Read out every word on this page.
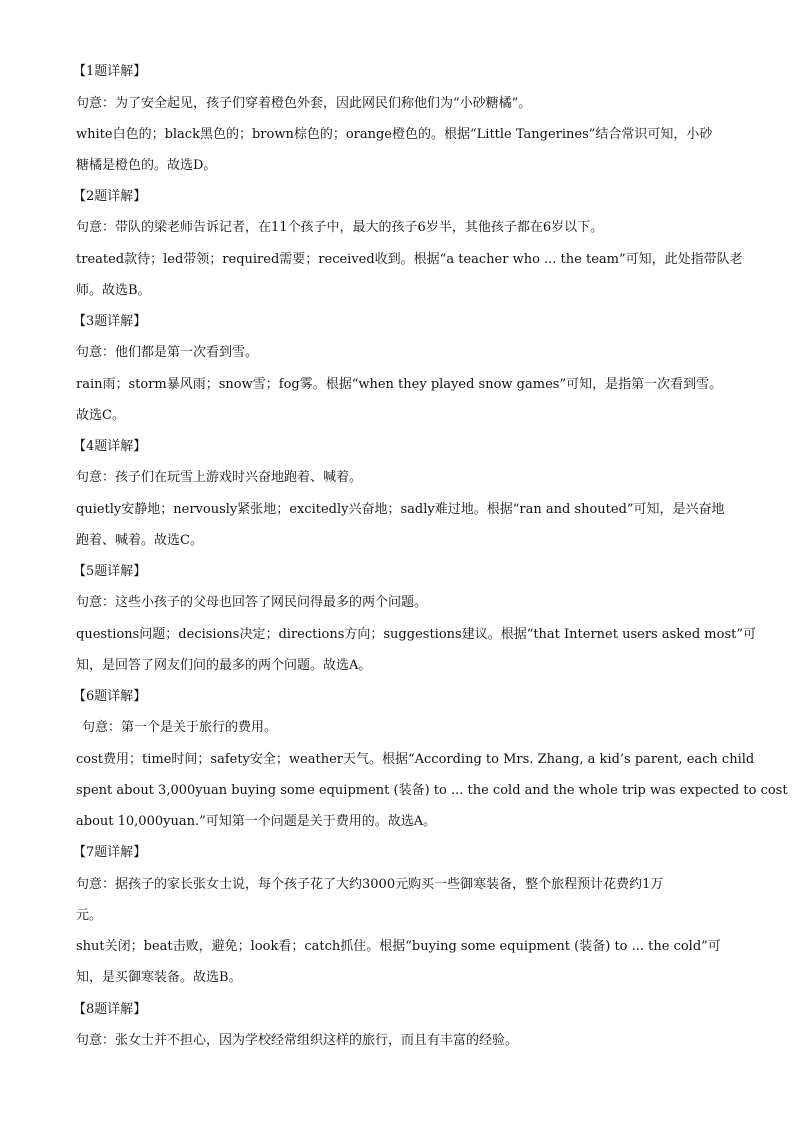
【1题详解】
句意：为了安全起见，孩子们穿着橙色外套，因此网民们称他们为“小砂糖橘”。
white白色的；black黑色的；brown棕色的；orange橙色的。根据“Little Tangerines”结合常识可知，小砂
糖橘是橙色的。故选D。
【2题详解】
句意：带队的梁老师告诉记者，在11个孩子中，最大的孩子6岁半，其他孩子都在6岁以下。
treated款待；led带领；required需要；received收到。根据“a teacher who ... the team”可知，此处指带队老
师。故选B。
【3题详解】
句意：他们都是第一次看到雪。
rain雨；storm暴风雨；snow雪；fog雾。根据“when they played snow games”可知，是指第一次看到雪。
故选C。
【4题详解】
句意：孩子们在玩雪上游戏时兴奋地跑着、喊着。
quietly安静地；nervously紧张地；excitedly兴奋地；sadly难过地。根据“ran and shouted”可知，是兴奋地
跑着、喊着。故选C。
【5题详解】
句意：这些小孩子的父母也回答了网民问得最多的两个问题。
questions问题；decisions决定；directions方向；suggestions建议。根据“that Internet users asked most”可
知，是回答了网友们问的最多的两个问题。故选A。
【6题详解】
句意：第一个是关于旅行的费用。
cost费用；time时间；safety安全；weather天气。根据“According to Mrs. Zhang, a kid’s parent, each child
spent about 3,000yuan buying some equipment (装备) to ... the cold and the whole trip was expected to cost
about 10,000yuan.”可知第一个问题是关于费用的。故选A。
【7题详解】
句意：据孩子的家长张女士说，每个孩子花了大约3000元购买一些御寒装备，整个旅程预计花费约1万
元。
shut关闭；beat击败，避免；look看；catch抓住。根据“buying some equipment (装备) to ... the cold”可
知，是买御寒装备。故选B。
【8题详解】
句意：张女士并不担心，因为学校经常组织这样的旅行，而且有丰富的经验。
